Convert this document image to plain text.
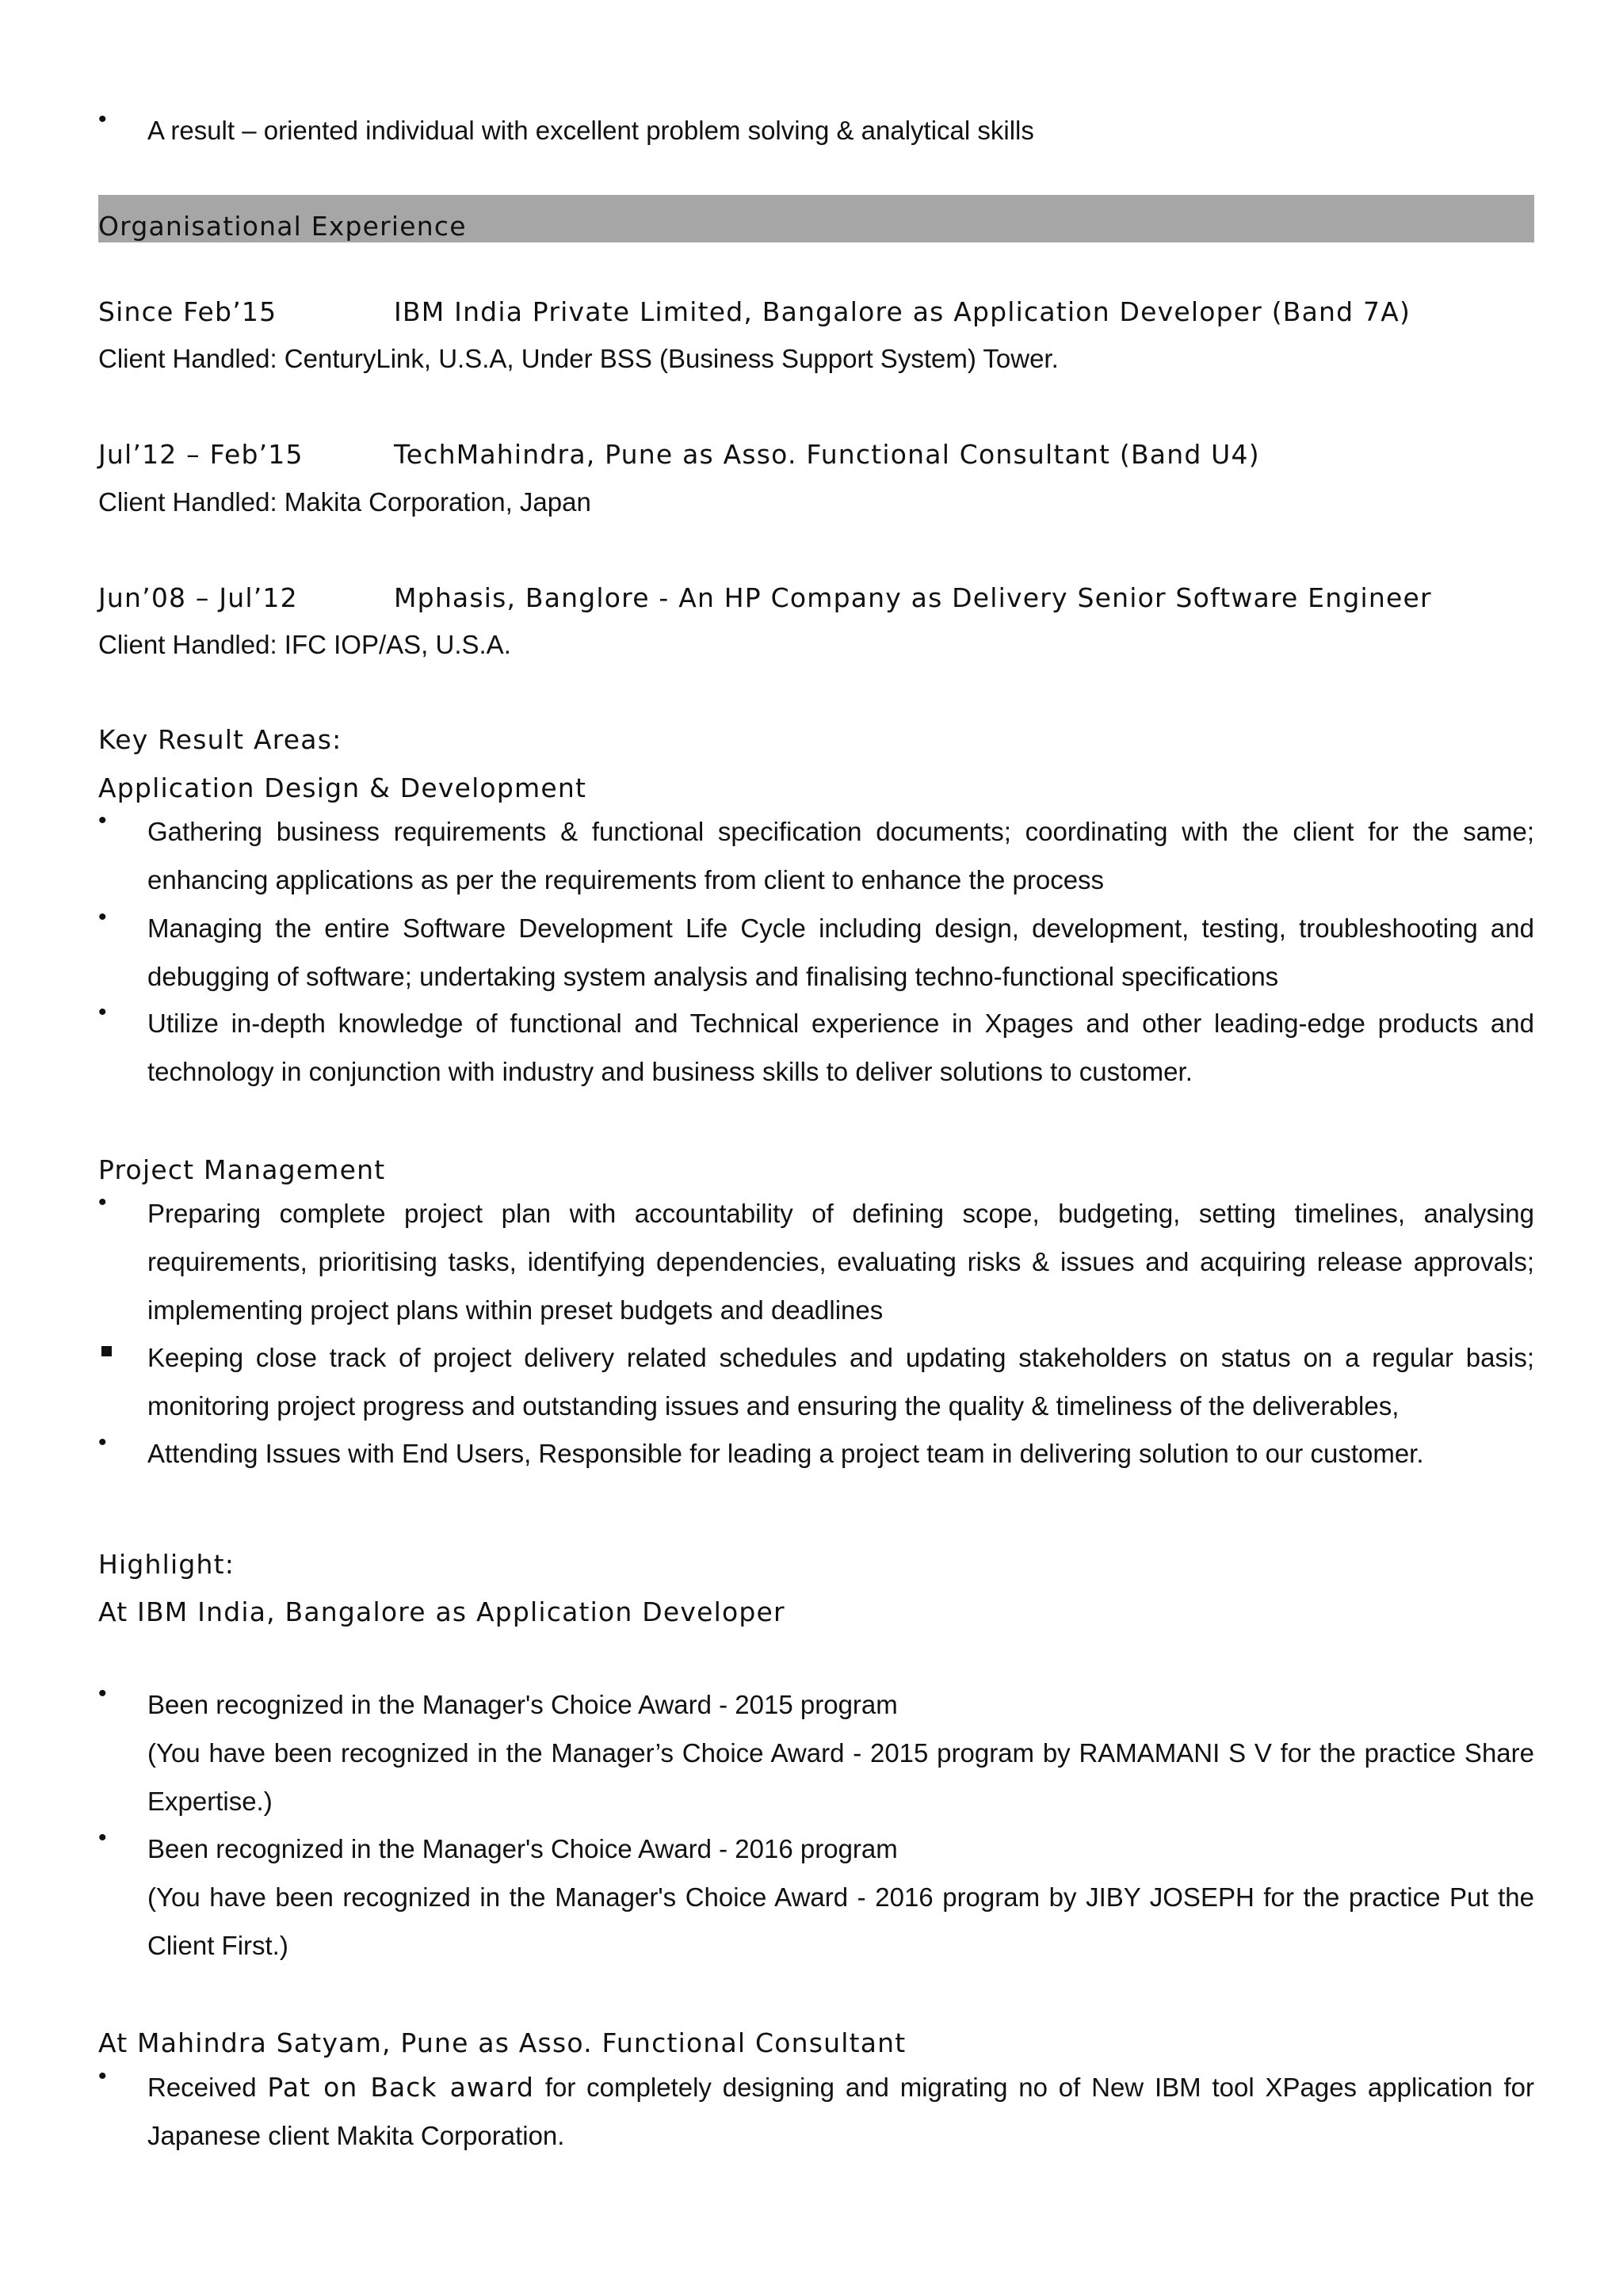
•	A result – oriented individual with excellent problem solving & analytical skills
Organisational Experience
Since Feb’15	IBM India Private Limited, Bangalore as Application Developer (Band 7A)
Client Handled: CenturyLink, U.S.A, Under BSS (Business Support System) Tower.
Jul’12 – Feb’15	TechMahindra, Pune as Asso. Functional Consultant (Band U4)
Client Handled: Makita Corporation, Japan
Jun’08 – Jul’12	Mphasis, Banglore - An HP Company as Delivery Senior Software Engineer
Client Handled: IFC IOP/AS, U.S.A.
Key Result Areas:
Application Design & Development
•	Gathering business requirements & functional specification documents; coordinating with the client for the same; enhancing applications as per the requirements from client to enhance the process
•	Managing the entire Software Development Life Cycle including design, development, testing, troubleshooting and debugging of software; undertaking system analysis and finalising techno-functional specifications
•	Utilize in-depth knowledge of functional and Technical experience in Xpages and other leading-edge products and technology in conjunction with industry and business skills to deliver solutions to customer.
Project Management
•	Preparing complete project plan with accountability of defining scope, budgeting, setting timelines, analysing requirements, prioritising tasks, identifying dependencies, evaluating risks & issues and acquiring release approvals; implementing project plans within preset budgets and deadlines
Keeping close track of project delivery related schedules and updating stakeholders on status on a regular basis; monitoring project progress and outstanding issues and ensuring the quality & timeliness of the deliverables,
•	Attending Issues with End Users, Responsible for leading a project team in delivering solution to our customer.
Highlight:
At IBM India, Bangalore as Application Developer
•	Been recognized in the Manager's Choice Award - 2015 program
(You have been recognized in the Manager’s Choice Award - 2015 program by RAMAMANI S V for the practice Share Expertise.)
•	Been recognized in the Manager's Choice Award - 2016 program
(You have been recognized in the Manager's Choice Award - 2016 program by JIBY JOSEPH for the practice Put the Client First.)
At Mahindra Satyam, Pune as Asso. Functional Consultant
•	Received Pat on Back award for completely designing and migrating no of New IBM tool XPages application for Japanese client Makita Corporation.
